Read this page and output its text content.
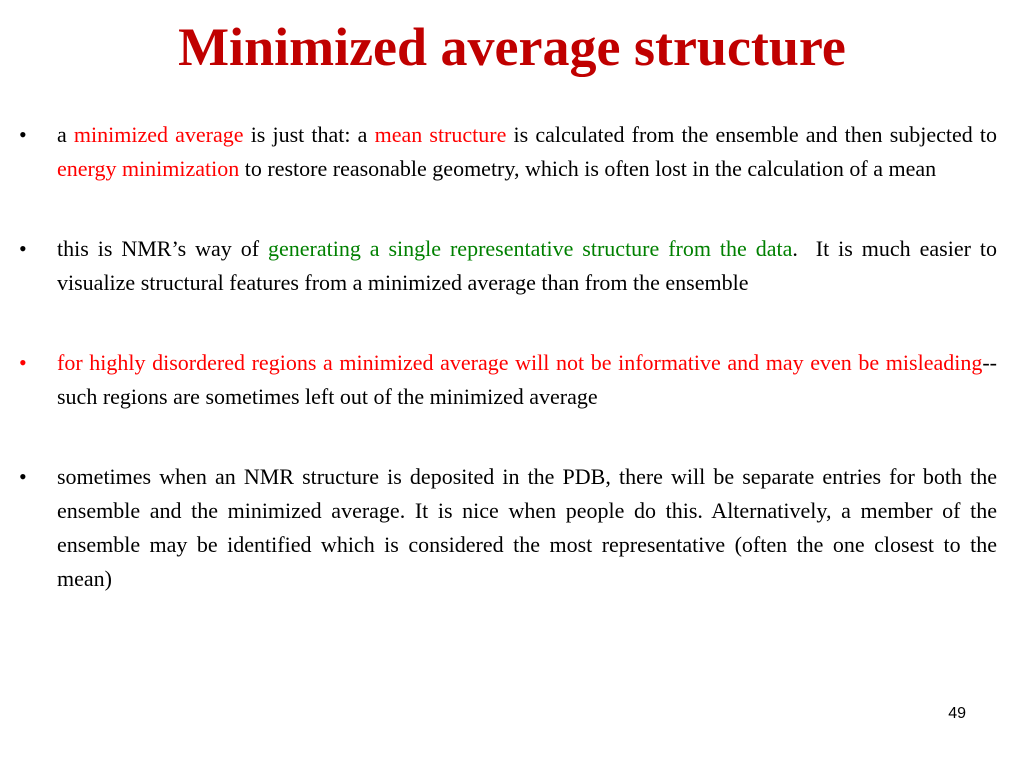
Minimized average structure
•	a minimized average is just that: a mean structure is calculated from the ensemble and then subjected to energy minimization to restore reasonable geometry, which is often lost in the calculation of a mean
•	this is NMR’s way of generating a single representative structure from the data.  It is much easier to visualize structural features from a minimized average than from the ensemble
•	for highly disordered regions a minimized average will not be informative and may even be misleading--such regions are sometimes left out of the minimized average
•	sometimes when an NMR structure is deposited in the PDB, there will be separate entries for both the ensemble and the minimized average. It is nice when people do this. Alternatively, a member of the ensemble may be identified which is considered the most representative (often the one closest to the mean)
49
